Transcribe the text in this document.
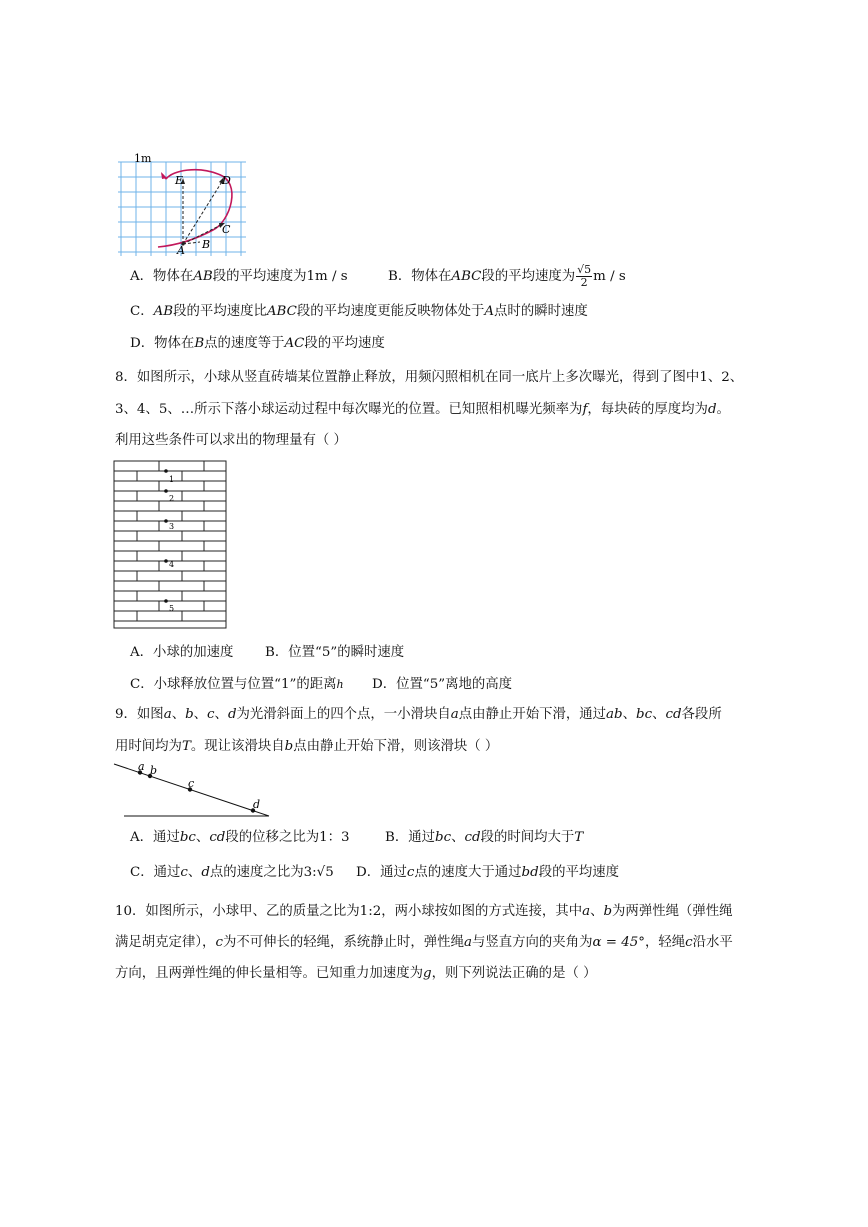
1m
E	D
C
B
A
A．物体在AB段的平均速度为1m / s	B．物体在ABC段的平均速度为 $\frac{√5}{2}$ m / s
C．AB段的平均速度比ABC段的平均速度更能反映物体处于A点时的瞬时速度
D．物体在B点的速度等于AC段的平均速度
8．如图所示，小球从竖直砖墙某位置静止释放，用频闪照相机在同一底片上多次曝光，得到了图中1、2、
3、4、5、…所示下落小球运动过程中每次曝光的位置。已知照相机曝光频率为f，每块砖的厚度均为d。
利用这些条件可以求出的物理量有（ ）
1
2
3
4
5
A．小球的加速度 B．位置“5”的瞬时速度
C．小球释放位置与位置“1”的距离h D．位置“5”离地的高度
9．如图a、b、c、d为光滑斜面上的四个点，一小滑块自a点由静止开始下滑，通过ab、bc、cd各段所
用时间均为T。现让该滑块自b点由静止开始下滑，则该滑块（ ）
a b
c
d
A．通过bc、cd段的位移之比为1：3	B．通过bc、cd段的时间均大于T
C．通过c、d点的速度之比为3:√5 D．通过c点的速度大于通过bd段的平均速度
10．如图所示，小球甲、乙的质量之比为1:2，两小球按如图的方式连接，其中a、b为两弹性绳（弹性绳
满足胡克定律），c为不可伸长的轻绳，系统静止时，弹性绳a与竖直方向的夹角为α = 45°，轻绳c沿水平
方向，且两弹性绳的伸长量相等。已知重力加速度为g，则下列说法正确的是（ ）
